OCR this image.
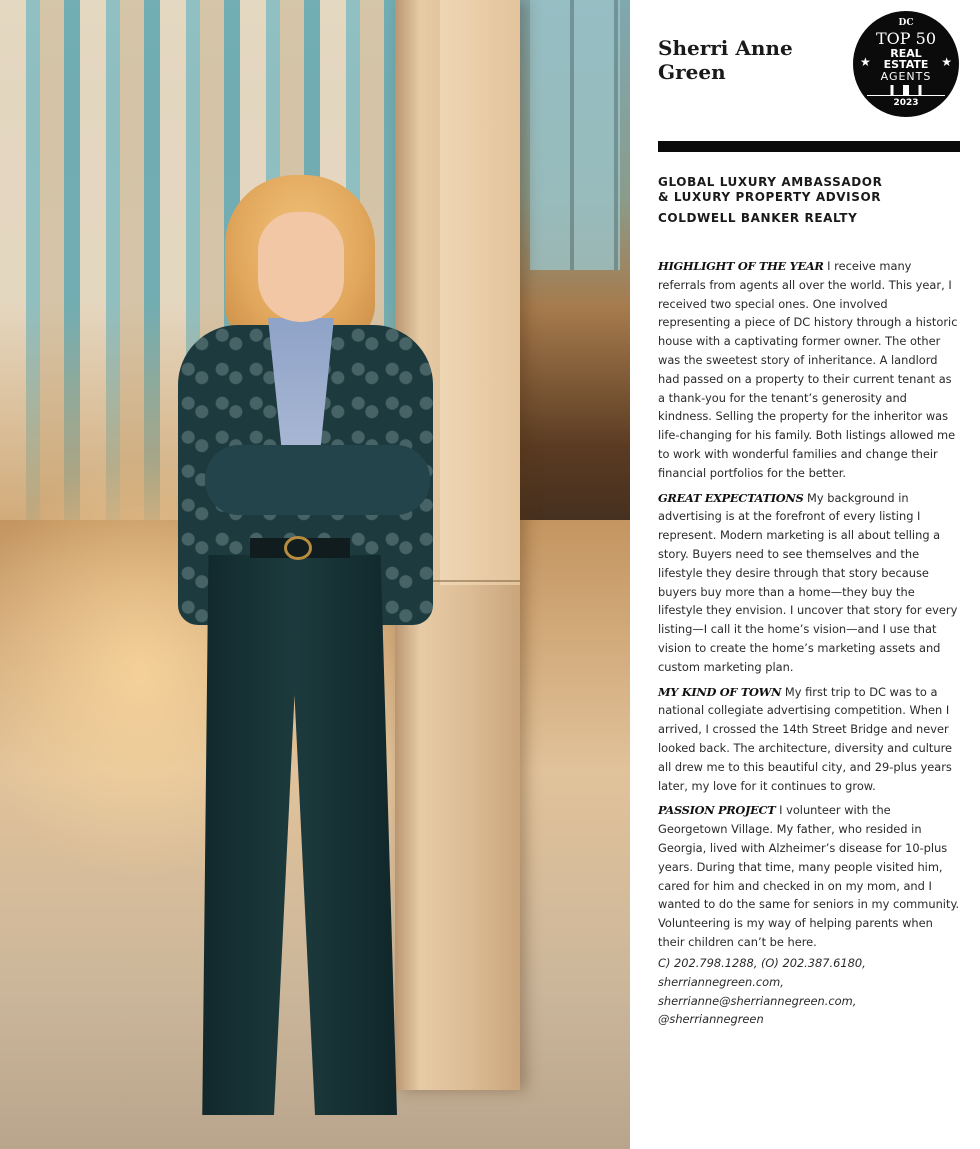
Sherri Anne
Green
DC
TOP 50
REAL
ESTATE
★	★
AGENTS
2023
GLOBAL LUXURY AMBASSADOR
& LUXURY PROPERTY ADVISOR
COLDWELL BANKER REALTY

HIGHLIGHT OF THE YEAR I receive many referrals from agents all over the world. This year, I received two special ones. One involved representing a piece of DC history through a historic house with a captivating former owner. The other was the sweetest story of inheritance. A landlord had passed on a property to their current tenant as a thank-you for the tenant’s generosity and kindness. Selling the property for the inheritor was life-changing for his family. Both listings allowed me to work with wonderful families and change their financial portfolios for the better.

GREAT EXPECTATIONS My background in advertising is at the forefront of every listing I represent. Modern marketing is all about telling a story. Buyers need to see themselves and the lifestyle they desire through that story because buyers buy more than a home—they buy the lifestyle they envision. I uncover that story for every listing—I call it the home’s vision—and I use that vision to create the home’s marketing assets and custom marketing plan.

MY KIND OF TOWN My first trip to DC was to a national collegiate advertising competition. When I arrived, I crossed the 14th Street Bridge and never looked back. The architecture, diversity and culture all drew me to this beautiful city, and 29-plus years later, my love for it continues to grow.

PASSION PROJECT I volunteer with the Georgetown Village. My father, who resided in Georgia, lived with Alzheimer’s disease for 10-plus years. During that time, many people visited him, cared for him and checked in on my mom, and I wanted to do the same for seniors in my community. Volunteering is my way of helping parents when their children can’t be here.

C) 202.798.1288, (O) 202.387.6180,
sherriannegreen.com,
sherrianne@sherriannegreen.com,
@sherriannegreen
